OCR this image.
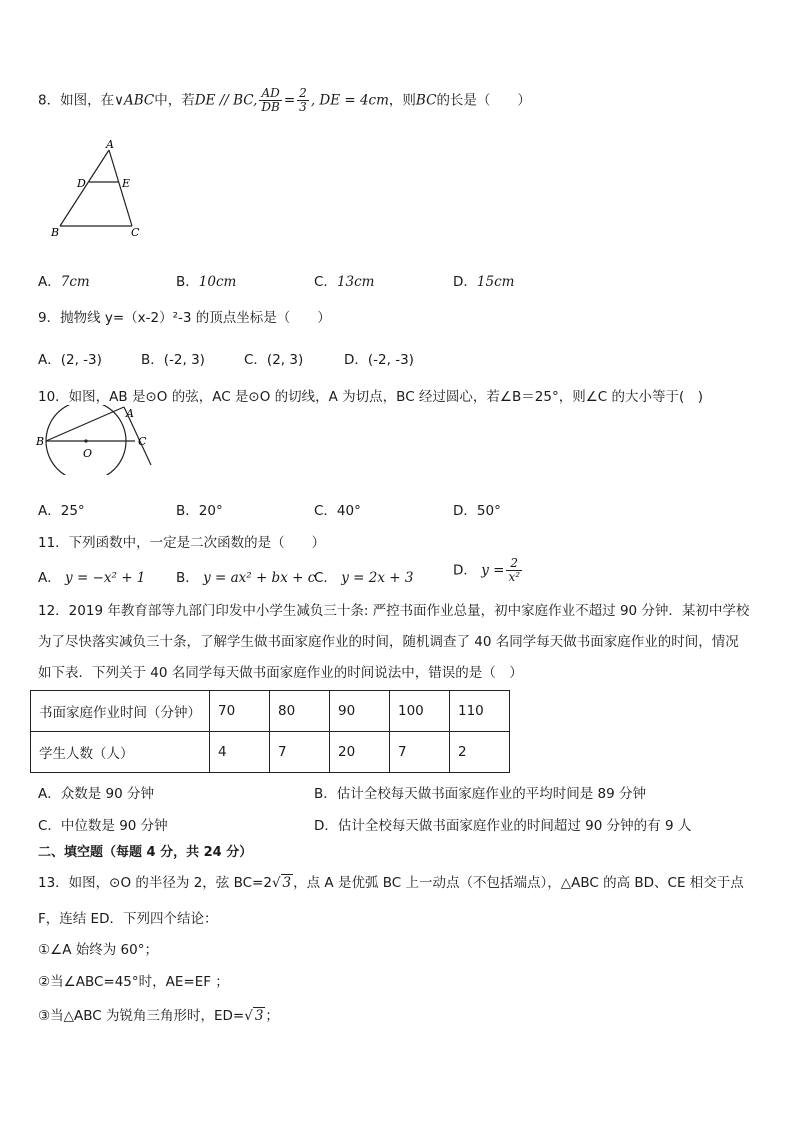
8．如图，在∨ABC中，若DE // BC, $\frac{AD}{DB} = \frac{2}{3}$ , DE = 4cm，则BC的长是（　　）
A
D	E
B	C
A．7cm	B．10cm	C．13cm	D．15cm
9．抛物线 y=（x-2）²-3 的顶点坐标是（　　）
A．(2, -3)	B．(-2, 3)	C．(2, 3)	D．(-2, -3)
10．如图，AB 是⊙O 的弦，AC 是⊙O 的切线，A 为切点，BC 经过圆心，若∠B＝25°，则∠C 的大小等于(　)
B
A
C
O
A．25°	B．20°	C．40°	D．50°
11．下列函数中，一定是二次函数的是（　　）
A． y = −x² + 1 B． y = ax² + bx + c
C． y = 2x + 3	D． $y = \frac{2}{\text{x²}}$
12．2019 年教育部等九部门印发中小学生减负三十条: 严控书面作业总量，初中家庭作业不超过 90 分钟．某初中学校
为了尽快落实减负三十条，了解学生做书面家庭作业的时间，随机调查了 40 名同学每天做书面家庭作业的时间，情况
如下表．下列关于 40 名同学每天做书面家庭作业的时间说法中，错误的是（　）
书面家庭作业时间（分钟）	70	80	90	100	110
学生人数（人）	4	7	20	7	2
A．众数是 90 分钟	B．估计全校每天做书面家庭作业的平均时间是 89 分钟
C．中位数是 90 分钟	D．估计全校每天做书面家庭作业的时间超过 90 分钟的有 9 人
二、填空题（每题 4 分，共 24 分）
13．如图，⊙O 的半径为 2，弦 BC=2√ 3 ，点 A 是优弧 BC 上一动点（不包括端点），△ABC 的高 BD、CE 相交于点
F，连结 ED．下列四个结论：
①∠A 始终为 60°；
②当∠ABC=45°时，AE=EF ；
③当△ABC 为锐角三角形时，ED=√ 3 ；
